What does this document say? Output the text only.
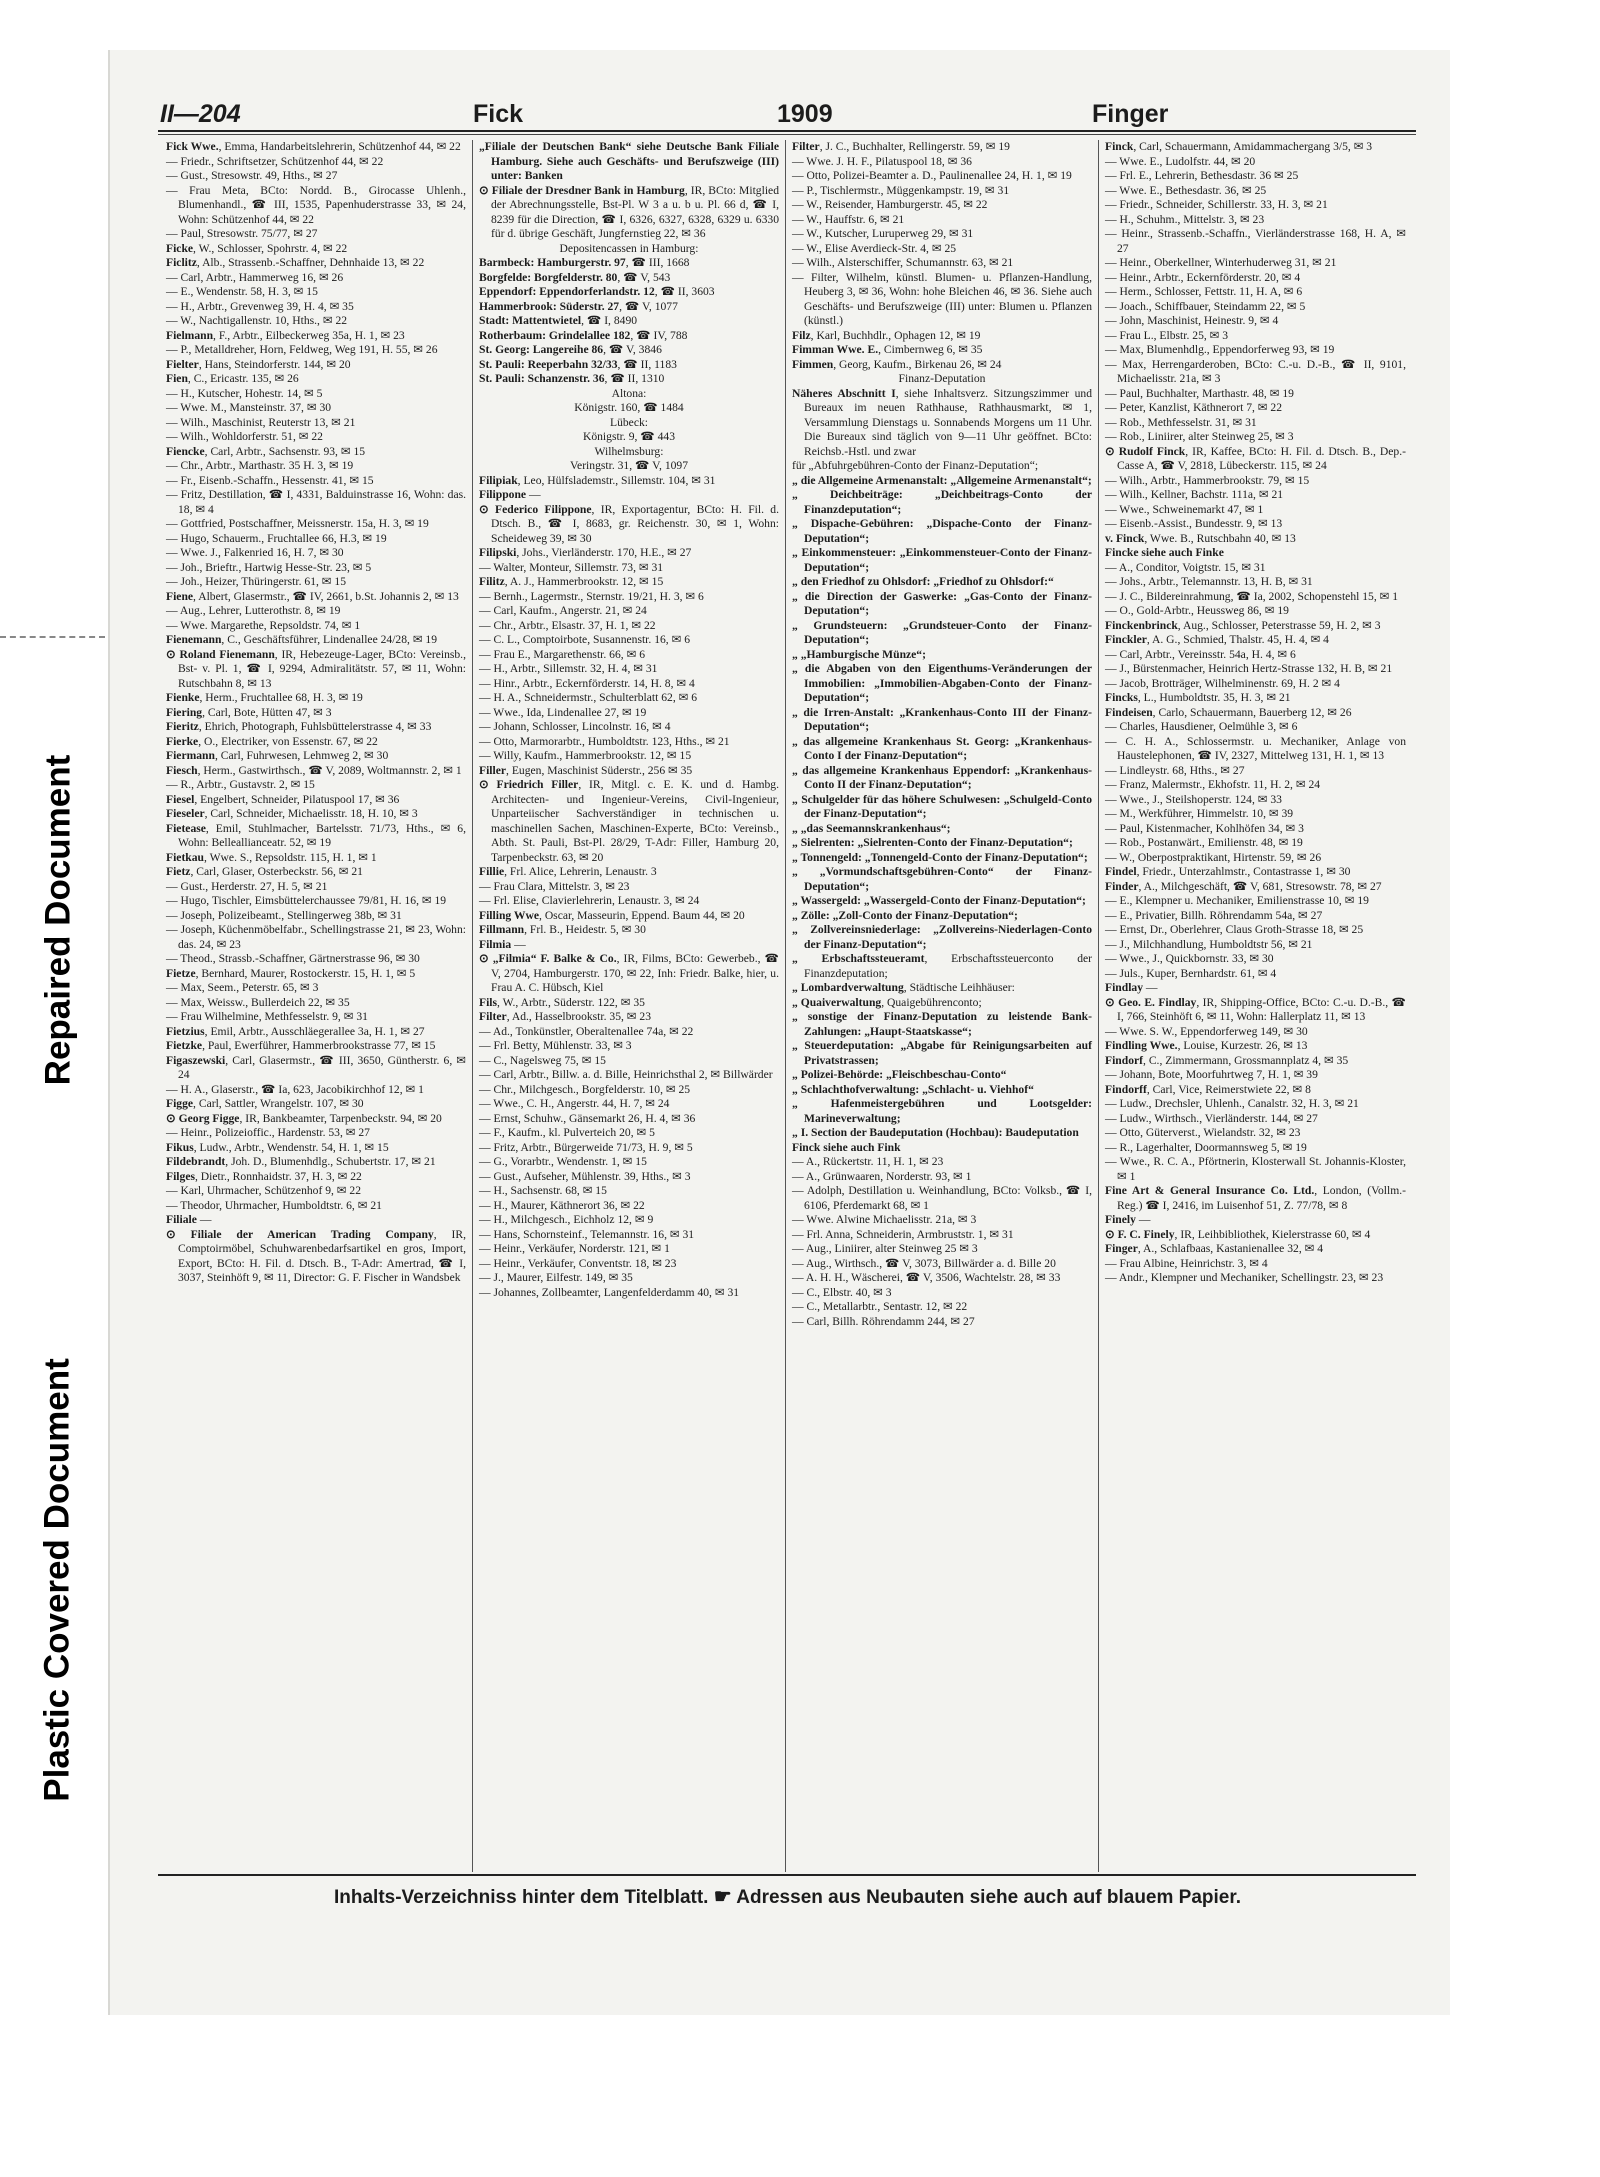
Repaired Document
Plastic Covered Document
II—204	Fick	1909	Finger

Fick Wwe., Emma, Handarbeitslehrerin, Schützenhof 44, ✉ 22

— Friedr., Schriftsetzer, Schützenhof 44, ✉ 22

— Gust., Stresowstr. 49, Hths., ✉ 27

— Frau Meta, BCto: Nordd. B., Girocasse Uhlenh., Blumenhandl., ☎ III, 1535, Papenhuderstrasse 33, ✉ 24, Wohn: Schützenhof 44, ✉ 22

— Paul, Stresowstr. 75/77, ✉ 27

Ficke, W., Schlosser, Spohrstr. 4, ✉ 22

Ficlitz, Alb., Strassenb.-Schaffner, Dehnhaide 13, ✉ 22

— Carl, Arbtr., Hammerweg 16, ✉ 26

— E., Wendenstr. 58, H. 3, ✉ 15

— H., Arbtr., Grevenweg 39, H. 4, ✉ 35

— W., Nachtigallenstr. 10, Hths., ✉ 22

Fielmann, F., Arbtr., Eilbeckerweg 35a, H. 1, ✉ 23

— P., Metalldreher, Horn, Feldweg, Weg 191, H. 55, ✉ 26

Fielter, Hans, Steindorferstr. 144, ✉ 20

Fien, C., Ericastr. 135, ✉ 26

— H., Kutscher, Hohestr. 14, ✉ 5

— Wwe. M., Mansteinstr. 37, ✉ 30

— Wilh., Maschinist, Reuterstr 13, ✉ 21

— Wilh., Wohldorferstr. 51, ✉ 22

Fiencke, Carl, Arbtr., Sachsenstr. 93, ✉ 15

— Chr., Arbtr., Marthastr. 35 H. 3, ✉ 19

— Fr., Eisenb.-Schaffn., Hessenstr. 41, ✉ 15

— Fritz, Destillation, ☎ I, 4331, Balduinstrasse 16, Wohn: das. 18, ✉ 4

— Gottfried, Postschaffner, Meissnerstr. 15a, H. 3, ✉ 19

— Hugo, Schauerm., Fruchtallee 66, H.3, ✉ 19

— Wwe. J., Falkenried 16, H. 7, ✉ 30

— Joh., Brieftr., Hartwig Hesse-Str. 23, ✉ 5

— Joh., Heizer, Thüringerstr. 61, ✉ 15

Fiene, Albert, Glasermstr., ☎ IV, 2661, b.St. Johannis 2, ✉ 13

— Aug., Lehrer, Lutterothstr. 8, ✉ 19

— Wwe. Margarethe, Repsoldstr. 74, ✉ 1

Fienemann, C., Geschäftsführer, Lindenallee 24/28, ✉ 19

⊙ Roland Fienemann, IR, Hebezeuge-Lager, BCto: Vereinsb., Bst- v. Pl. 1, ☎ I, 9294, Admiralitätstr. 57, ✉ 11, Wohn: Rutschbahn 8, ✉ 13

Fienke, Herm., Fruchtallee 68, H. 3, ✉ 19

Fiering, Carl, Bote, Hütten 47, ✉ 3

Fieritz, Ehrich, Photograph, Fuhlsbüttelerstrasse 4, ✉ 33

Fierke, O., Electriker, von Essenstr. 67, ✉ 22

Fiermann, Carl, Fuhrwesen, Lehmweg 2, ✉ 30

Fiesch, Herm., Gastwirthsch., ☎ V, 2089, Woltmannstr. 2, ✉ 1

— R., Arbtr., Gustavstr. 2, ✉ 15

Fiesel, Engelbert, Schneider, Pilatuspool 17, ✉ 36

Fieseler, Carl, Schneider, Michaelisstr. 18, H. 10, ✉ 3

Fietease, Emil, Stuhlmacher, Bartelsstr. 71/73, Hths., ✉ 6, Wohn: Belleallianceatr. 52, ✉ 19

Fietkau, Wwe. S., Repsoldstr. 115, H. 1, ✉ 1

Fietz, Carl, Glaser, Osterbeckstr. 56, ✉ 21

— Gust., Herderstr. 27, H. 5, ✉ 21

— Hugo, Tischler, Eimsbüttelerchaussee 79/81, H. 16, ✉ 19

— Joseph, Polizeibeamt., Stellingerweg 38b, ✉ 31

— Joseph, Küchenmöbelfabr., Schellingstrasse 21, ✉ 23, Wohn: das. 24, ✉ 23

— Theod., Strassb.-Schaffner, Gärtnerstrasse 96, ✉ 30

Fietze, Bernhard, Maurer, Rostockerstr. 15, H. 1, ✉ 5

— Max, Seem., Peterstr. 65, ✉ 3

— Max, Weissw., Bullerdeich 22, ✉ 35

— Frau Wilhelmine, Methfesselstr. 9, ✉ 31

Fietzius, Emil, Arbtr., Ausschläegerallee 3a, H. 1, ✉ 27

Fietzke, Paul, Ewerführer, Hammerbrookstrasse 77, ✉ 15

Figaszewski, Carl, Glasermstr., ☎ III, 3650, Güntherstr. 6, ✉ 24

— H. A., Glaserstr., ☎ Ia, 623, Jacobikirchhof 12, ✉ 1

Figge, Carl, Sattler, Wrangelstr. 107, ✉ 30

⊙ Georg Figge, IR, Bankbeamter, Tarpenbeckstr. 94, ✉ 20

— Heinr., Polizeioffic., Hardenstr. 53, ✉ 27

Fikus, Ludw., Arbtr., Wendenstr. 54, H. 1, ✉ 15

Fildebrandt, Joh. D., Blumenhdlg., Schubertstr. 17, ✉ 21

Filges, Dietr., Ronnhaidstr. 37, H. 3, ✉ 22

— Karl, Uhrmacher, Schützenhof 9, ✉ 22

— Theodor, Uhrmacher, Humboldtstr. 6, ✉ 21

Filiale —

⊙ Filiale der American Trading Company, IR, Comptoirmöbel, Schuhwarenbedarfsartikel en gros, Import, Export, BCto: H. Fil. d. Dtsch. B., T-Adr: Amertrad, ☎ I, 3037, Steinhöft 9, ✉ 11, Director: G. F. Fischer in Wandsbek

„Filiale der Deutschen Bank“ siehe Deutsche Bank Filiale Hamburg. Siehe auch Geschäfts- und Berufszweige (III) unter: Banken

⊙ Filiale der Dresdner Bank in Hamburg, IR, BCto: Mitglied der Abrechnungsstelle, Bst-Pl. W 3 a u. b u. Pl. 66 d, ☎ I, 8239 für die Direction, ☎ I, 6326, 6327, 6328, 6329 u. 6330 für d. übrige Geschäft, Jungfernstieg 22, ✉ 36

Depositencassen in Hamburg:

Barmbeck: Hamburgerstr. 97, ☎ III, 1668

Borgfelde: Borgfelderstr. 80, ☎ V, 543

Eppendorf: Eppendorferlandstr. 12, ☎ II, 3603

Hammerbrook: Süderstr. 27, ☎ V, 1077

Stadt: Mattentwietel, ☎ I, 8490

Rotherbaum: Grindelallee 182, ☎ IV, 788

St. Georg: Langereihe 86, ☎ V, 3846

St. Pauli: Reeperbahn 32/33, ☎ II, 1183

St. Pauli: Schanzenstr. 36, ☎ II, 1310

Altona:

Königstr. 160, ☎ 1484

Lübeck:

Königstr. 9, ☎ 443

Wilhelmsburg:

Veringstr. 31, ☎ V, 1097

Filipiak, Leo, Hülfslademstr., Sillemstr. 104, ✉ 31

Filippone —

⊙ Federico Filippone, IR, Exportagentur, BCto: H. Fil. d. Dtsch. B., ☎ I, 8683, gr. Reichenstr. 30, ✉ 1, Wohn: Scheideweg 39, ✉ 30

Filipski, Johs., Vierländerstr. 170, H.E., ✉ 27

— Walter, Monteur, Sillemstr. 73, ✉ 31

Filitz, A. J., Hammerbrookstr. 12, ✉ 15

— Bernh., Lagermstr., Sternstr. 19/21, H. 3, ✉ 6

— Carl, Kaufm., Angerstr. 21, ✉ 24

— Chr., Arbtr., Elsastr. 37, H. 1, ✉ 22

— C. L., Comptoirbote, Susannenstr. 16, ✉ 6

— Frau E., Margarethenstr. 66, ✉ 6

— H., Arbtr., Sillemstr. 32, H. 4, ✉ 31

— Hinr., Arbtr., Eckernförderstr. 14, H. 8, ✉ 4

— H. A., Schneidermstr., Schulterblatt 62, ✉ 6

— Wwe., Ida, Lindenallee 27, ✉ 19

— Johann, Schlosser, Lincolnstr. 16, ✉ 4

— Otto, Marmorarbtr., Humboldtstr. 123, Hths., ✉ 21

— Willy, Kaufm., Hammerbrookstr. 12, ✉ 15

Filler, Eugen, Maschinist Süderstr., 256 ✉ 35

⊙ Friedrich Filler, IR, Mitgl. c. E. K. und d. Hambg. Architecten- und Ingenieur-Vereins, Civil-Ingenieur, Unparteiischer Sachverständiger in technischen u. maschinellen Sachen, Maschinen-Experte, BCto: Vereinsb., Abth. St. Pauli, Bst-Pl. 28/29, T-Adr: Filler, Hamburg 20, Tarpenbeckstr. 63, ✉ 20

Fillie, Frl. Alice, Lehrerin, Lenaustr. 3

— Frau Clara, Mittelstr. 3, ✉ 23

— Frl. Elise, Clavierlehrerin, Lenaustr. 3, ✉ 24

Filling Wwe, Oscar, Masseurin, Eppend. Baum 44, ✉ 20

Fillmann, Frl. B., Heidestr. 5, ✉ 30

Filmia —

⊙ „Filmia“ F. Balke & Co., IR, Films, BCto: Gewerbeb., ☎ V, 2704, Hamburgerstr. 170, ✉ 22, Inh: Friedr. Balke, hier, u. Frau A. C. Hübsch, Kiel

Fils, W., Arbtr., Süderstr. 122, ✉ 35

Filter, Ad., Hasselbrookstr. 35, ✉ 23

— Ad., Tonkünstler, Oberaltenallee 74a, ✉ 22

— Frl. Betty, Mühlenstr. 33, ✉ 3

— C., Nagelsweg 75, ✉ 15

— Carl, Arbtr., Billw. a. d. Bille, Heinrichsthal 2, ✉ Billwärder

— Chr., Milchgesch., Borgfelderstr. 10, ✉ 25

— Wwe., C. H., Angerstr. 44, H. 7, ✉ 24

— Ernst, Schuhw., Gänsemarkt 26, H. 4, ✉ 36

— F., Kaufm., kl. Pulverteich 20, ✉ 5

— Fritz, Arbtr., Bürgerweide 71/73, H. 9, ✉ 5

— G., Vorarbtr., Wendenstr. 1, ✉ 15

— Gust., Aufseher, Mühlenstr. 39, Hths., ✉ 3

— H., Sachsenstr. 68, ✉ 15

— H., Maurer, Käthnerort 36, ✉ 22

— H., Milchgesch., Eichholz 12, ✉ 9

— Hans, Schornsteinf., Telemannstr. 16, ✉ 31

— Heinr., Verkäufer, Norderstr. 121, ✉ 1

— Heinr., Verkäufer, Conventstr. 18, ✉ 23

— J., Maurer, Eilfestr. 149, ✉ 35

— Johannes, Zollbeamter, Langenfelderdamm 40, ✉ 31

Filter, J. C., Buchhalter, Rellingerstr. 59, ✉ 19

— Wwe. J. H. F., Pilatuspool 18, ✉ 36

— Otto, Polizei-Beamter a. D., Paulinenallee 24, H. 1, ✉ 19

— P., Tischlermstr., Müggenkampstr. 19, ✉ 31

— W., Reisender, Hamburgerstr. 45, ✉ 22

— W., Hauffstr. 6, ✉ 21

— W., Kutscher, Luruperweg 29, ✉ 31

— W., Elise Averdieck-Str. 4, ✉ 25

— Wilh., Alsterschiffer, Schumannstr. 63, ✉ 21

— Filter, Wilhelm, künstl. Blumen- u. Pflanzen-Handlung, Heuberg 3, ✉ 36, Wohn: hohe Bleichen 46, ✉ 36. Siehe auch Geschäfts- und Berufszweige (III) unter: Blumen u. Pflanzen (künstl.)

Filz, Karl, Buchhdlr., Ophagen 12, ✉ 19

Fimman Wwe. E., Cimbernweg 6, ✉ 35

Fimmen, Georg, Kaufm., Birkenau 26, ✉ 24

Finanz-Deputation

Näheres Abschnitt I, siehe Inhaltsverz. Sitzungszimmer und Bureaux im neuen Rathhause, Rathhausmarkt, ✉ 1, Versammlung Dienstags u. Sonnabends Morgens um 11 Uhr. Die Bureaux sind täglich von 9—11 Uhr geöffnet. BCto: Reichsb.-Hstl. und zwar

für „Abfuhrgebühren-Conto der Finanz-Deputation“;

„ die Allgemeine Armenanstalt: „Allgemeine Armenanstalt“;

„ Deichbeiträge: „Deichbeitrags-Conto der Finanzdeputation“;

„ Dispache-Gebühren: „Dispache-Conto der Finanz-Deputation“;

„ Einkommensteuer: „Einkommensteuer-Conto der Finanz-Deputation“;

„ den Friedhof zu Ohlsdorf: „Friedhof zu Ohlsdorf:“

„ die Direction der Gaswerke: „Gas-Conto der Finanz-Deputation“;

„ Grundsteuern: „Grundsteuer-Conto der Finanz-Deputation“;

„ „Hamburgische Münze“;

„ die Abgaben von den Eigenthums-Veränderungen der Immobilien: „Immobilien-Abgaben-Conto der Finanz-Deputation“;

„ die Irren-Anstalt: „Krankenhaus-Conto III der Finanz-Deputation“;

„ das allgemeine Krankenhaus St. Georg: „Krankenhaus-Conto I der Finanz-Deputation“;

„ das allgemeine Krankenhaus Eppendorf: „Krankenhaus-Conto II der Finanz-Deputation“;

„ Schulgelder für das höhere Schulwesen: „Schulgeld-Conto der Finanz-Deputation“;

„ „das Seemannskrankenhaus“;

„ Sielrenten: „Sielrenten-Conto der Finanz-Deputation“;

„ Tonnengeld: „Tonnengeld-Conto der Finanz-Deputation“;

„ „Vormundschaftsgebühren-Conto“ der Finanz-Deputation“;

„ Wassergeld: „Wassergeld-Conto der Finanz-Deputation“;

„ Zölle: „Zoll-Conto der Finanz-Deputation“;

„ Zollvereinsniederlage: „Zollvereins-Niederlagen-Conto der Finanz-Deputation“;

„ Erbschaftssteueramt, Erbschaftssteuerconto der Finanzdeputation;

„ Lombardverwaltung, Städtische Leihhäuser:

„ Quaiverwaltung, Quaigebührenconto;

„ sonstige der Finanz-Deputation zu leistende Bank-Zahlungen: „Haupt-Staatskasse“;

„ Steuerdeputation: „Abgabe für Reinigungsarbeiten auf Privatstrassen;

„ Polizei-Behörde: „Fleischbeschau-Conto“

„ Schlachthofverwaltung: „Schlacht- u. Viehhof“

„ Hafenmeistergebühren und Lootsgelder: Marineverwaltung;

„ I. Section der Baudeputation (Hochbau): Baudeputation

Finck siehe auch Fink

— A., Rückertstr. 11, H. 1, ✉ 23

— A., Grünwaaren, Norderstr. 93, ✉ 1

— Adolph, Destillation u. Weinhandlung, BCto: Volksb., ☎ I, 6106, Pferdemarkt 68, ✉ 1

— Wwe. Alwine Michaelisstr. 21a, ✉ 3

— Frl. Anna, Schneiderin, Armbruststr. 1, ✉ 31

— Aug., Liniirer, alter Steinweg 25 ✉ 3

— Aug., Wirthsch., ☎ V, 3073, Billwärder a. d. Bille 20

— A. H. H., Wäscherei, ☎ V, 3506, Wachtelstr. 28, ✉ 33

— C., Elbstr. 40, ✉ 3

— C., Metallarbtr., Sentastr. 12, ✉ 22

— Carl, Billh. Röhrendamm 244, ✉ 27

Finck, Carl, Schauermann, Amidammachergang 3/5, ✉ 3

— Wwe. E., Ludolfstr. 44, ✉ 20

— Frl. E., Lehrerin, Bethesdastr. 36 ✉ 25

— Wwe. E., Bethesdastr. 36, ✉ 25

— Friedr., Schneider, Schillerstr. 33, H. 3, ✉ 21

— H., Schuhm., Mittelstr. 3, ✉ 23

— Heinr., Strassenb.-Schaffn., Vierländerstrasse 168, H. A, ✉ 27

— Heinr., Oberkellner, Winterhuderweg 31, ✉ 21

— Heinr., Arbtr., Eckernförderstr. 20, ✉ 4

— Herm., Schlosser, Fettstr. 11, H. A, ✉ 6

— Joach., Schiffbauer, Steindamm 22, ✉ 5

— John, Maschinist, Heinestr. 9, ✉ 4

— Frau L., Elbstr. 25, ✉ 3

— Max, Blumenhdlg., Eppendorferweg 93, ✉ 19

— Max, Herrengarderoben, BCto: C.-u. D.-B., ☎ II, 9101, Michaelisstr. 21a, ✉ 3

— Paul, Buchhalter, Marthastr. 48, ✉ 19

— Peter, Kanzlist, Käthnerort 7, ✉ 22

— Rob., Methfesselstr. 31, ✉ 31

— Rob., Liniirer, alter Steinweg 25, ✉ 3

⊙ Rudolf Finck, IR, Kaffee, BCto: H. Fil. d. Dtsch. B., Dep.-Casse A, ☎ V, 2818, Lübeckerstr. 115, ✉ 24

— Wilh., Arbtr., Hammerbrookstr. 79, ✉ 15

— Wilh., Kellner, Bachstr. 111a, ✉ 21

— Wwe., Schweinemarkt 47, ✉ 1

— Eisenb.-Assist., Bundesstr. 9, ✉ 13

v. Finck, Wwe. B., Rutschbahn 40, ✉ 13

Fincke siehe auch Finke

— A., Conditor, Voigtstr. 15, ✉ 31

— Johs., Arbtr., Telemannstr. 13, H. B, ✉ 31

— J. C., Bildereinrahmung, ☎ Ia, 2002, Schopenstehl 15, ✉ 1

— O., Gold-Arbtr., Heussweg 86, ✉ 19

Finckenbrinck, Aug., Schlosser, Peterstrasse 59, H. 2, ✉ 3

Finckler, A. G., Schmied, Thalstr. 45, H. 4, ✉ 4

— Carl, Arbtr., Vereinsstr. 54a, H. 4, ✉ 6

— J., Bürstenmacher, Heinrich Hertz-Strasse 132, H. B, ✉ 21

— Jacob, Brotträger, Wilhelminenstr. 69, H. 2 ✉ 4

Fincks, L., Humboldtstr. 35, H. 3, ✉ 21

Findeisen, Carlo, Schauermann, Bauerberg 12, ✉ 26

— Charles, Hausdiener, Oelmühle 3, ✉ 6

— C. H. A., Schlossermstr. u. Mechaniker, Anlage von Haustelephonen, ☎ IV, 2327, Mittelweg 131, H. 1, ✉ 13

— Lindleystr. 68, Hths., ✉ 27

— Franz, Malermstr., Ekhofstr. 11, H. 2, ✉ 24

— Wwe., J., Steilshoperstr. 124, ✉ 33

— M., Werkführer, Himmelstr. 10, ✉ 39

— Paul, Kistenmacher, Kohlhöfen 34, ✉ 3

— Rob., Postanwärt., Emilienstr. 48, ✉ 19

— W., Oberpostpraktikant, Hirtenstr. 59, ✉ 26

Findel, Friedr., Unterzahlmstr., Contastrasse 1, ✉ 30

Finder, A., Milchgeschäft, ☎ V, 681, Stresowstr. 78, ✉ 27

— E., Klempner u. Mechaniker, Emilienstrasse 10, ✉ 19

— E., Privatier, Billh. Röhrendamm 54a, ✉ 27

— Ernst, Dr., Oberlehrer, Claus Groth-Strasse 18, ✉ 25

— J., Milchhandlung, Humboldtstr 56, ✉ 21

— Wwe., J., Quickbornstr. 33, ✉ 30

— Juls., Kuper, Bernhardstr. 61, ✉ 4

Findlay —

⊙ Geo. E. Findlay, IR, Shipping-Office, BCto: C.-u. D.-B., ☎ I, 766, Steinhöft 6, ✉ 11, Wohn: Hallerplatz 11, ✉ 13

— Wwe. S. W., Eppendorferweg 149, ✉ 30

Findling Wwe., Louise, Kurzestr. 26, ✉ 13

Findorf, C., Zimmermann, Grossmannplatz 4, ✉ 35

— Johann, Bote, Moorfuhrtweg 7, H. 1, ✉ 39

Findorff, Carl, Vice, Reimerstwiete 22, ✉ 8

— Ludw., Drechsler, Uhlenh., Canalstr. 32, H. 3, ✉ 21

— Ludw., Wirthsch., Vierländerstr. 144, ✉ 27

— Otto, Güterverst., Wielandstr. 32, ✉ 23

— R., Lagerhalter, Doormannsweg 5, ✉ 19

— Wwe., R. C. A., Pförtnerin, Klosterwall St. Johannis-Kloster, ✉ 1

Fine Art & General Insurance Co. Ltd., London, (Vollm.-Reg.) ☎ I, 2416, im Luisenhof 51, Z. 77/78, ✉ 8

Finely —

⊙ F. C. Finely, IR, Leihbibliothek, Kielerstrasse 60, ✉ 4

Finger, A., Schlafbaas, Kastanienallee 32, ✉ 4

— Frau Albine, Heinrichstr. 3, ✉ 4

— Andr., Klempner und Mechaniker, Schellingstr. 23, ✉ 23

Inhalts-Verzeichniss hinter dem Titelblatt. ☛ Adressen aus Neubauten siehe auch auf blauem Papier.
